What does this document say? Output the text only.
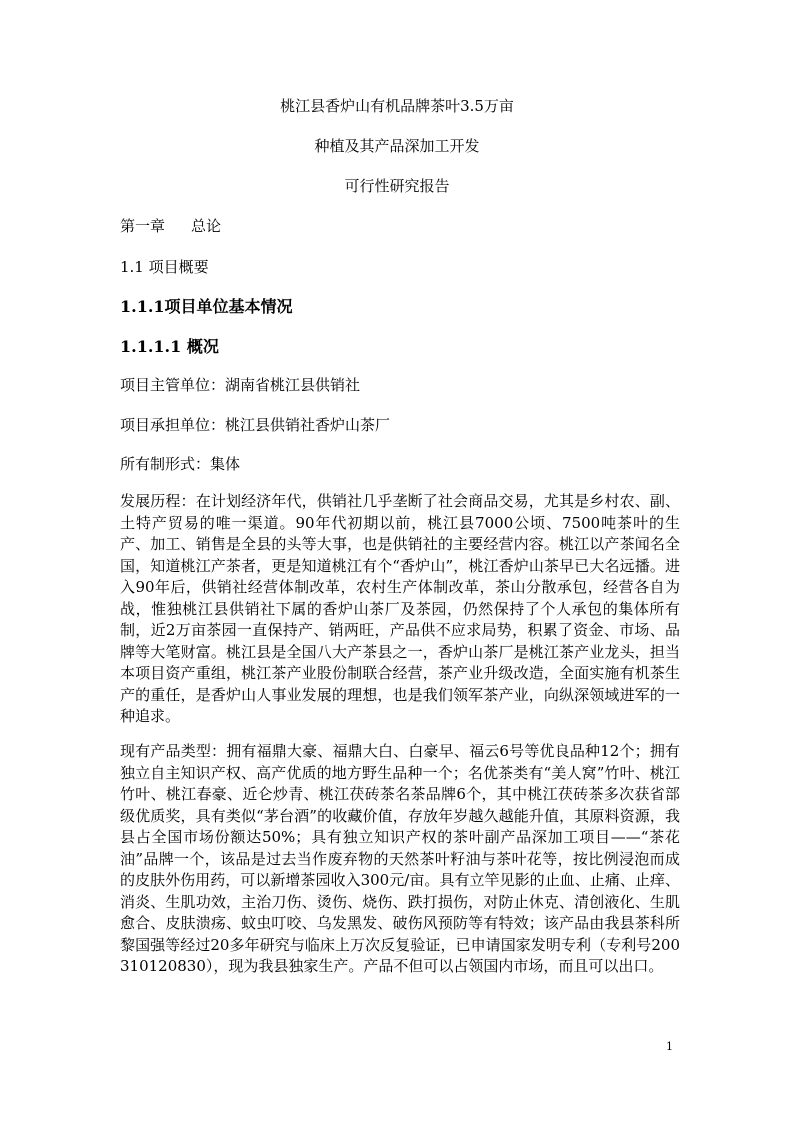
桃江县香炉山有机品牌茶叶3.5万亩
种植及其产品深加工开发
可行性研究报告
第一章 总论
1.1 项目概要
1.1.1项目单位基本情况
1.1.1.1 概况
项目主管单位：湖南省桃江县供销社
项目承担单位：桃江县供销社香炉山茶厂
所有制形式：集体
发展历程：在计划经济年代，供销社几乎垄断了社会商品交易，尤其是乡村农、副、土特产贸易的唯一渠道。90年代初期以前，桃江县7000公顷、7500吨茶叶的生产、加工、销售是全县的头等大事，也是供销社的主要经营内容。桃江以产茶闻名全国，知道桃江产茶者，更是知道桃江有个“香炉山”，桃江香炉山茶早已大名远播。进入90年后，供销社经营体制改革，农村生产体制改革，茶山分散承包，经营各自为战，惟独桃江县供销社下属的香炉山茶厂及茶园，仍然保持了个人承包的集体所有制，近2万亩茶园一直保持产、销两旺，产品供不应求局势，积累了资金、市场、品牌等大笔财富。桃江县是全国八大产茶县之一，香炉山茶厂是桃江茶产业龙头，担当本项目资产重组，桃江茶产业股份制联合经营，茶产业升级改造，全面实施有机茶生产的重任，是香炉山人事业发展的理想，也是我们领军茶产业，向纵深领域进军的一种追求。
现有产品类型：拥有福鼎大豪、福鼎大白、白豪早、福云6号等优良品种12个；拥有独立自主知识产权、高产优质的地方野生品种一个；名优茶类有“美人窝”竹叶、桃江竹叶、桃江春豪、近仑炒青、桃江茯砖茶名茶品牌6个，其中桃江茯砖茶多次获省部级优质奖，具有类似“茅台酒”的收藏价值，存放年岁越久越能升值，其原料资源，我县占全国市场份额达50%；具有独立知识产权的茶叶副产品深加工项目——“茶花油”品牌一个，该品是过去当作废弃物的天然茶叶籽油与茶叶花等，按比例浸泡而成的皮肤外伤用药，可以新增茶园收入300元/亩。具有立竿见影的止血、止痛、止痒、消炎、生肌功效，主治刀伤、烫伤、烧伤、跌打损伤，对防止休克、清创液化、生肌愈合、皮肤溃疡、蚊虫叮咬、乌发黑发、破伤风预防等有特效；该产品由我县茶科所黎国强等经过20多年研究与临床上万次反复验证，已申请国家发明专利（专利号200310120830），现为我县独家生产。产品不但可以占领国内市场，而且可以出口。
1
